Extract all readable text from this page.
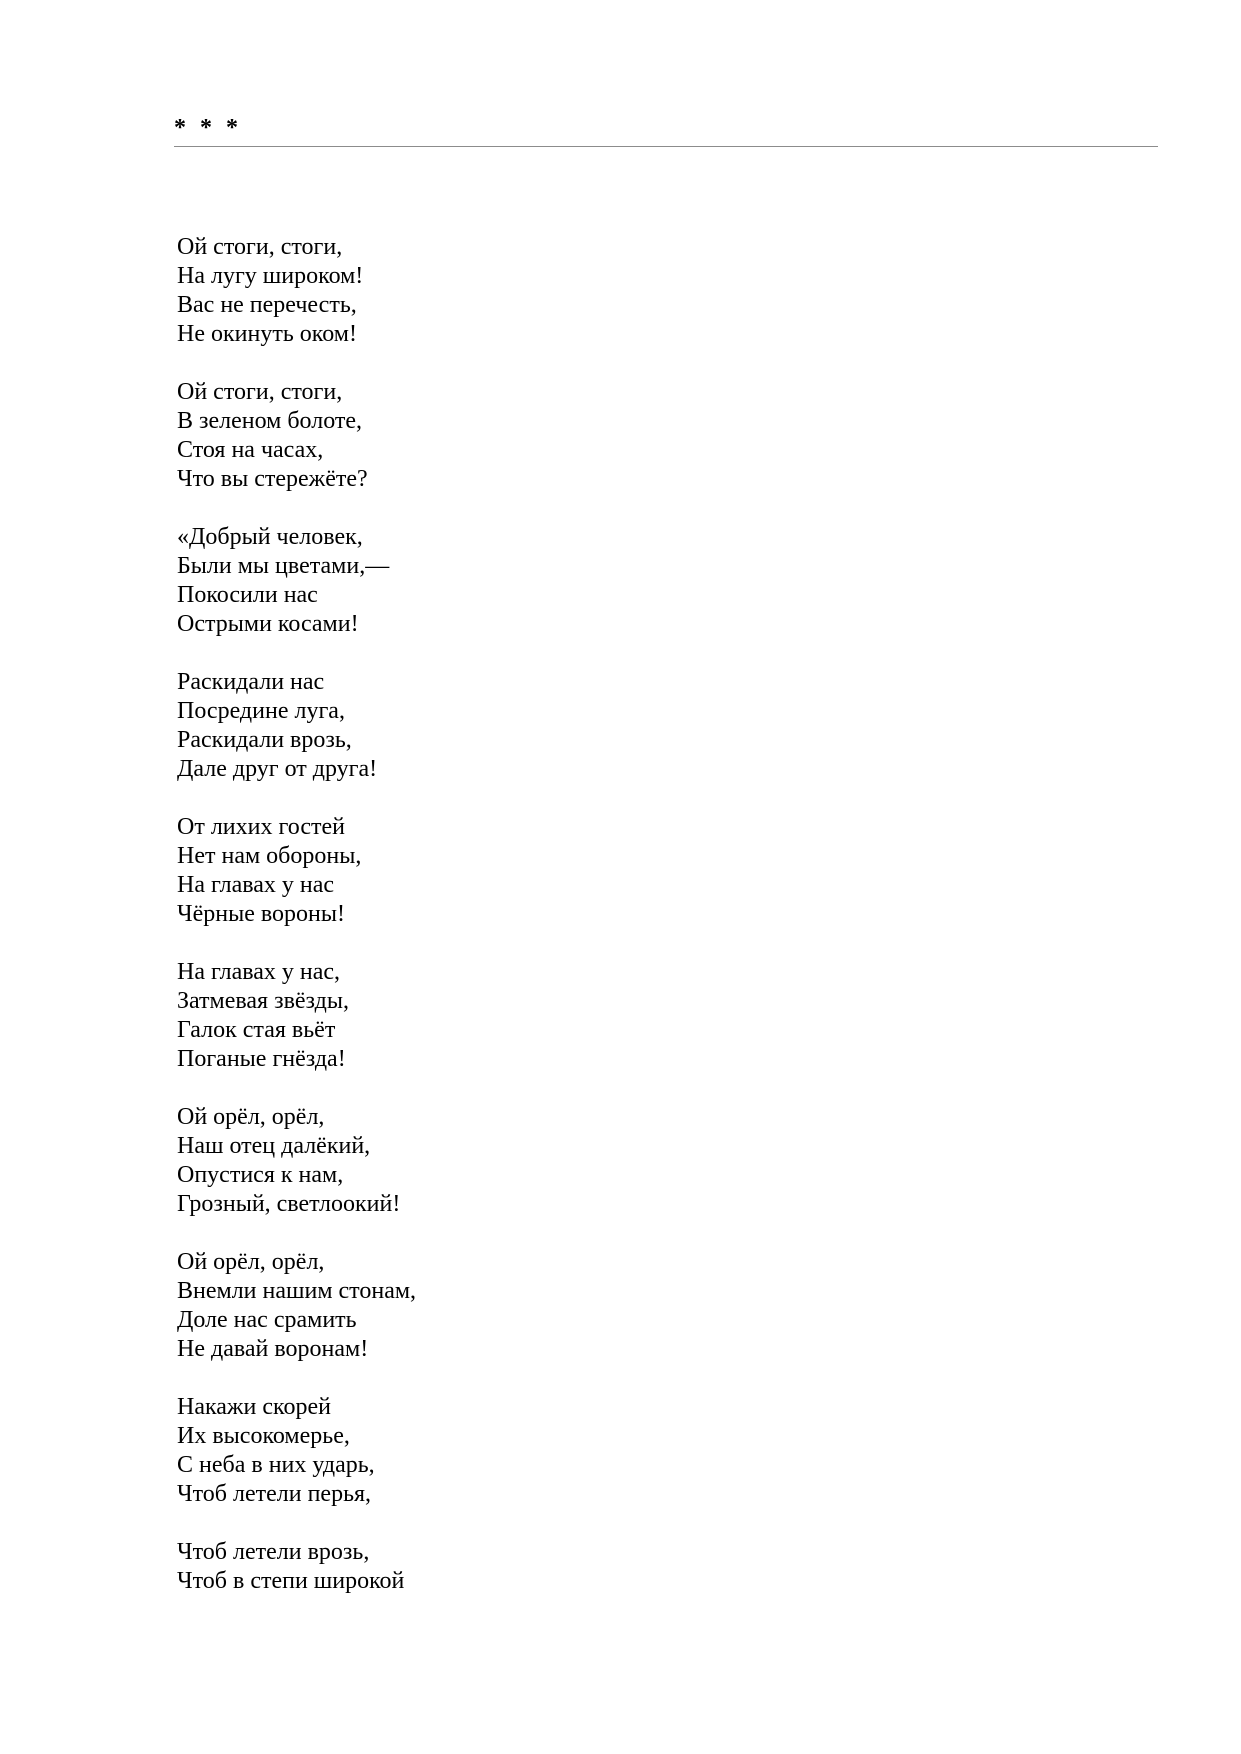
* * *
Ой стоги, стоги,
На лугу широком!
Вас не перечесть,
Не окинуть оком!
Ой стоги, стоги,
В зеленом болоте,
Стоя на часах,
Что вы стережёте?
«Добрый человек,
Были мы цветами,—
Покосили нас
Острыми косами!
Раскидали нас
Посредине луга,
Раскидали врозь,
Дале друг от друга!
От лихих гостей
Нет нам обороны,
На главах у нас
Чёрные вороны!
На главах у нас,
Затмевая звёзды,
Галок стая вьёт
Поганые гнёзда!
Ой орёл, орёл,
Наш отец далёкий,
Опустися к нам,
Грозный, светлоокий!
Ой орёл, орёл,
Внемли нашим стонам,
Доле нас срамить
Не давай воронам!
Накажи скорей
Их высокомерье,
С неба в них ударь,
Чтоб летели перья,
Чтоб летели врозь,
Чтоб в степи широкой
